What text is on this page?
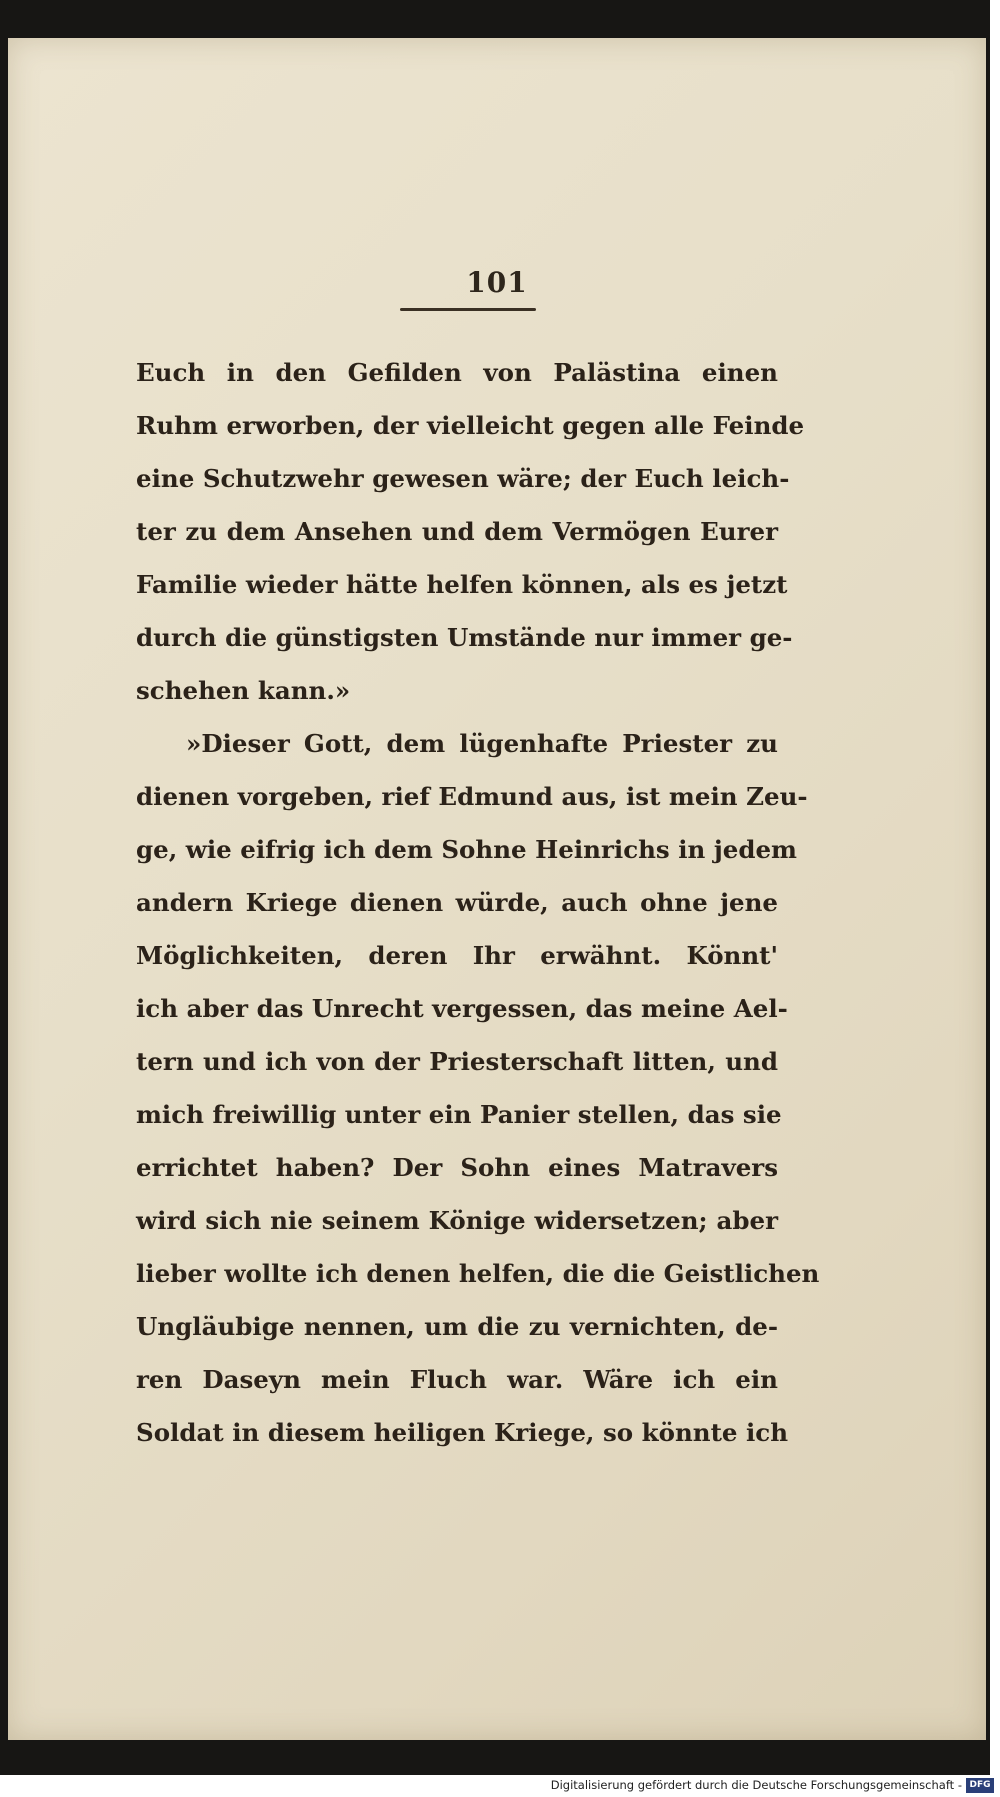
101
Euch in den Gefilden von Palästina einen
Ruhm erworben, der vielleicht gegen alle Feinde
eine Schutzwehr gewesen wäre; der Euch leich-
ter zu dem Ansehen und dem Vermögen Eurer
Familie wieder hätte helfen können, als es jetzt
durch die günstigsten Umstände nur immer ge-
schehen kann.»
»Dieser Gott, dem lügenhafte Priester zu
dienen vorgeben, rief Edmund aus, ist mein Zeu-
ge, wie eifrig ich dem Sohne Heinrichs in jedem
andern Kriege dienen würde, auch ohne jene
Möglichkeiten, deren Ihr erwähnt. Könnt'
ich aber das Unrecht vergessen, das meine Ael-
tern und ich von der Priesterschaft litten, und
mich freiwillig unter ein Panier stellen, das sie
errichtet haben? Der Sohn eines Matravers
wird sich nie seinem Könige widersetzen; aber
lieber wollte ich denen helfen, die die Geistlichen
Ungläubige nennen, um die zu vernichten, de-
ren Daseyn mein Fluch war. Wäre ich ein
Soldat in diesem heiligen Kriege, so könnte ich
Digitalisierung gefördert durch die Deutsche Forschungsgemeinschaft - DFG
